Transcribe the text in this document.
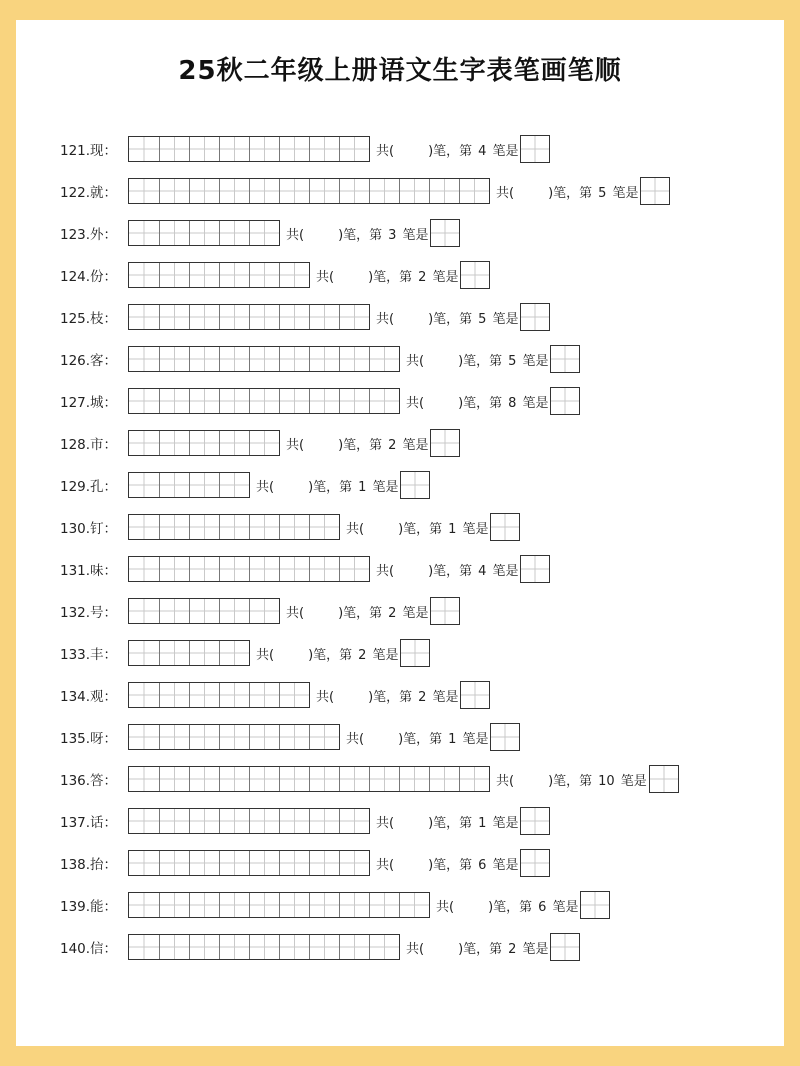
25秋二年级上册语文生字表笔画笔顺
121.现：	共(	)笔，第 4 笔是
122.就：	共(	)笔，第 5 笔是
123.外：	共(	)笔，第 3 笔是
124.份：	共(	)笔，第 2 笔是
125.枝：	共(	)笔，第 5 笔是
126.客：	共(	)笔，第 5 笔是
127.城：	共(	)笔，第 8 笔是
128.市：	共(	)笔，第 2 笔是
129.孔：	共(	)笔，第 1 笔是
130.钉：	共(	)笔，第 1 笔是
131.味：	共(	)笔，第 4 笔是
132.号：	共(	)笔，第 2 笔是
133.丰：	共(	)笔，第 2 笔是
134.观：	共(	)笔，第 2 笔是
135.呀：	共(	)笔，第 1 笔是
136.答：	共(	)笔，第 10 笔是
137.话：	共(	)笔，第 1 笔是
138.抬：	共(	)笔，第 6 笔是
139.能：	共(	)笔，第 6 笔是
140.信：	共(	)笔，第 2 笔是
